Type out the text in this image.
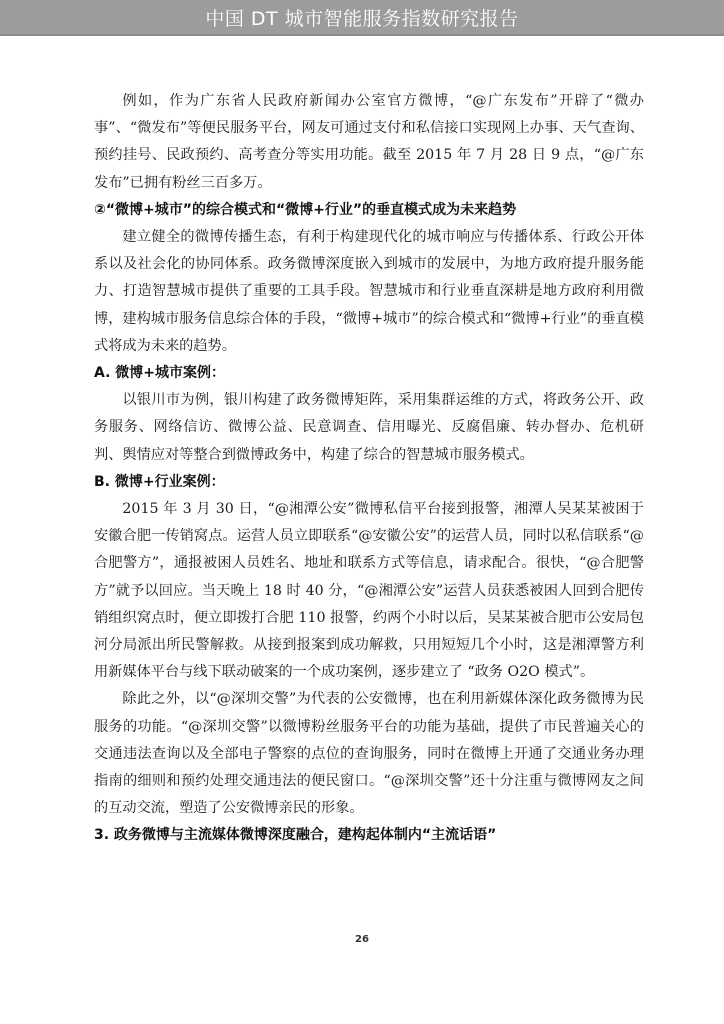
中国 DT 城市智能服务指数研究报告

例如，作为广东省人民政府新闻办公室官方微博，“@广东发布”开辟了“微办事”、“微发布”等便民服务平台，网友可通过支付和私信接口实现网上办事、天气查询、预约挂号、民政预约、高考查分等实用功能。截至 2015 年 7 月 28 日 9 点，“@广东发布”已拥有粉丝三百多万。

②“微博+城市”的综合模式和“微博+行业”的垂直模式成为未来趋势

建立健全的微博传播生态，有利于构建现代化的城市响应与传播体系、行政公开体系以及社会化的协同体系。政务微博深度嵌入到城市的发展中，为地方政府提升服务能力、打造智慧城市提供了重要的工具手段。智慧城市和行业垂直深耕是地方政府利用微博，建构城市服务信息综合体的手段，“微博+城市”的综合模式和“微博+行业”的垂直模式将成为未来的趋势。

A. 微博+城市案例：

以银川市为例，银川构建了政务微博矩阵，采用集群运维的方式，将政务公开、政务服务、网络信访、微博公益、民意调查、信用曝光、反腐倡廉、转办督办、危机研判、舆情应对等整合到微博政务中，构建了综合的智慧城市服务模式。

B. 微博+行业案例：

2015 年 3 月 30 日，“@湘潭公安”微博私信平台接到报警，湘潭人吴某某被困于安徽合肥一传销窝点。运营人员立即联系“@安徽公安”的运营人员，同时以私信联系“@合肥警方”，通报被困人员姓名、地址和联系方式等信息，请求配合。很快，“@合肥警方”就予以回应。当天晚上 18 时 40 分，“@湘潭公安”运营人员获悉被困人回到合肥传销组织窝点时，便立即拨打合肥 110 报警，约两个小时以后，吴某某被合肥市公安局包河分局派出所民警解救。从接到报案到成功解救，只用短短几个小时，这是湘潭警方利用新媒体平台与线下联动破案的一个成功案例，逐步建立了 “政务 O2O 模式”。

除此之外，以“@深圳交警”为代表的公安微博，也在利用新媒体深化政务微博为民服务的功能。“@深圳交警”以微博粉丝服务平台的功能为基础，提供了市民普遍关心的交通违法查询以及全部电子警察的点位的查询服务，同时在微博上开通了交通业务办理指南的细则和预约处理交通违法的便民窗口。“@深圳交警”还十分注重与微博网友之间的互动交流，塑造了公安微博亲民的形象。

3. 政务微博与主流媒体微博深度融合，建构起体制内“主流话语”

26
